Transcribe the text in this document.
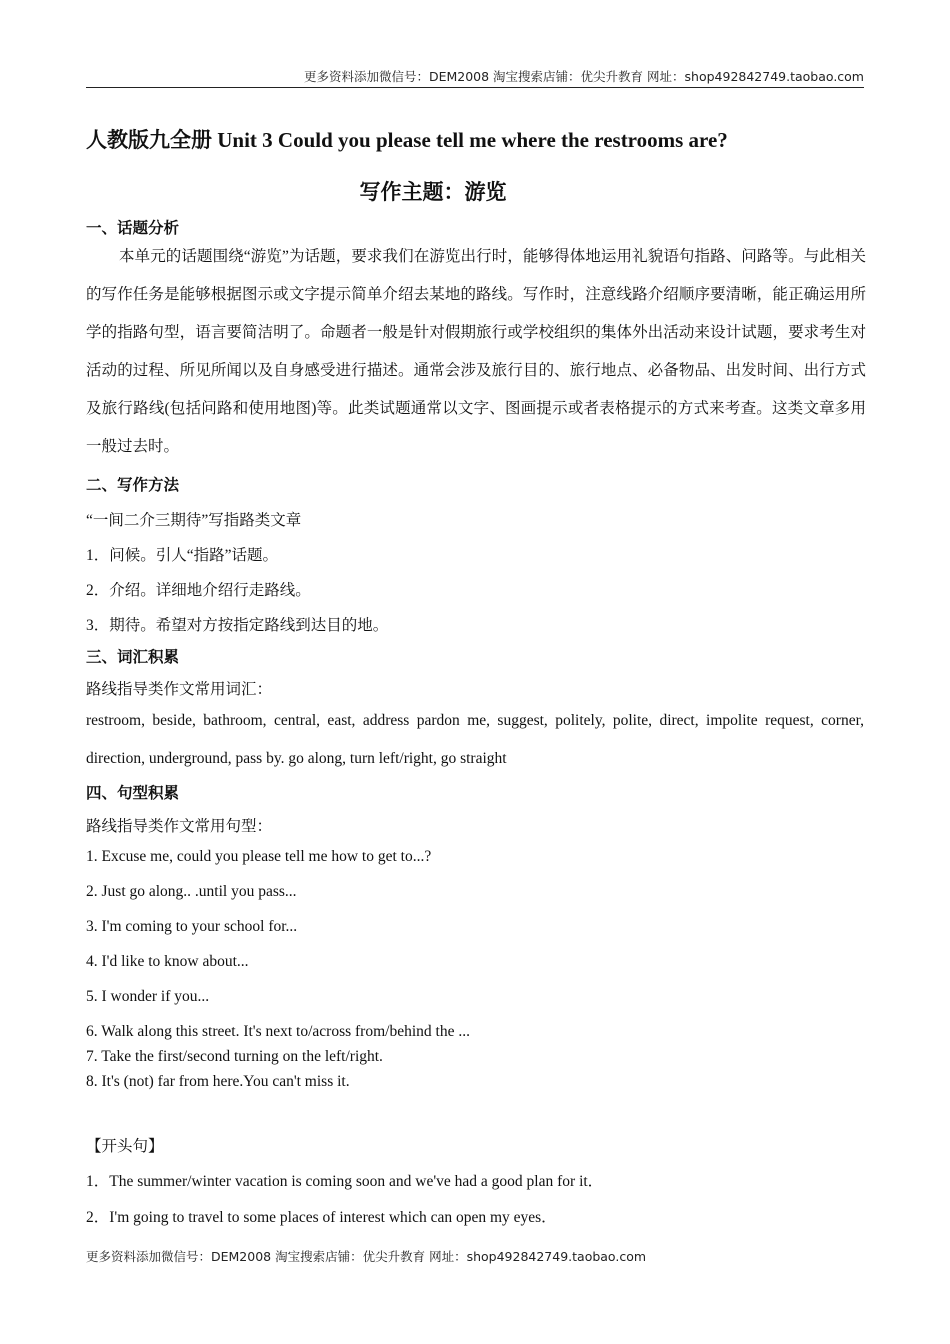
更多资料添加微信号：DEM2008 淘宝搜索店铺：优尖升教育 网址：shop492842749.taobao.com
人教版九全册 Unit 3 Could you please tell me where the restrooms are?
写作主题：游览
一、话题分析
本单元的话题围绕“游览”为话题，要求我们在游览出行时，能够得体地运用礼貌语句指路、问路等。与此相关的写作任务是能够根据图示或文字提示简单介绍去某地的路线。写作时，注意线路介绍顺序要清晰，能正确运用所学的指路句型，语言要简洁明了。命题者一般是针对假期旅行或学校组织的集体外出活动来设计试题，要求考生对活动的过程、所见所闻以及自身感受进行描述。通常会涉及旅行目的、旅行地点、必备物品、出发时间、出行方式及旅行路线(包括问路和使用地图)等。此类试题通常以文字、图画提示或者表格提示的方式来考查。这类文章多用一般过去时。
二、写作方法
“一间二介三期待”写指路类文章
1．问候。引人“指路”话题。
2．介绍。详细地介绍行走路线。
3．期待。希望对方按指定路线到达目的地。
三、词汇积累
路线指导类作文常用词汇：
restroom, beside, bathroom, central, east, address pardon me, suggest, politely, polite, direct, impolite request, corner, direction, underground, pass by. go along, turn left/right, go straight
四、句型积累
路线指导类作文常用句型：
1. Excuse me, could you please tell me how to get to...?
2. Just go along.. .until you pass...
3. I'm coming to your school for...
4. I'd like to know about...
5. I wonder if you...
6. Walk along this street. It's next to/across from/behind the ...
7. Take the first/second turning on the left/right.
8. It's (not) far from here.You can't miss it.
【开头句】
1．The summer/winter vacation is coming soon and we've had a good plan for it．
2．I'm going to travel to some places of interest which can open my eyes．
更多资料添加微信号：DEM2008 淘宝搜索店铺：优尖升教育 网址：shop492842749.taobao.com
